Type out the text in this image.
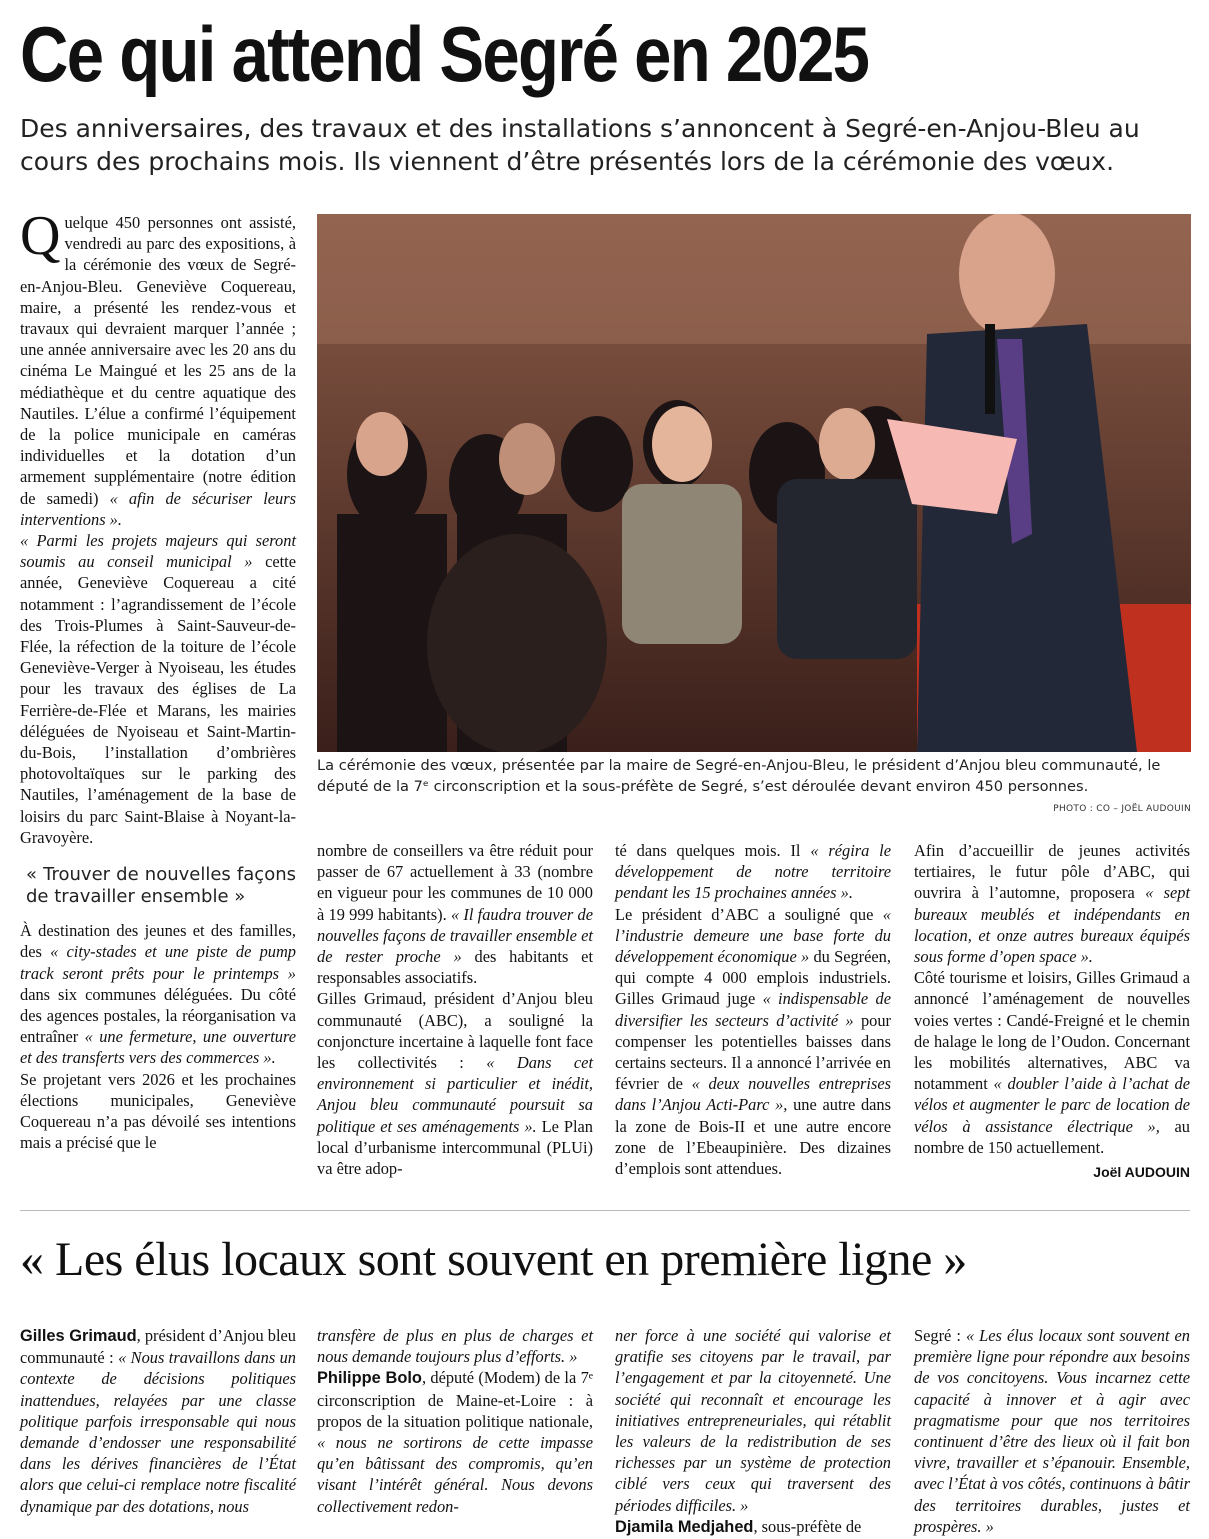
Ce qui attend Segré en 2025
Des anniversaires, des travaux et des installations s’annoncent à Segré-en-Anjou-Bleu au cours des prochains mois. Ils viennent d’être présentés lors de la cérémonie des vœux.

Quelque 450 personnes ont assisté, vendredi au parc des expositions, à la cérémonie des vœux de Segré-en-Anjou-Bleu. Geneviève Coquereau, maire, a présenté les rendez-vous et travaux qui devraient marquer l’année ; une année anniversaire avec les 20 ans du cinéma Le Maingué et les 25 ans de la médiathèque et du centre aquatique des Nautiles. L’élue a confirmé l’équipement de la police municipale en caméras individuelles et la dotation d’un armement supplémentaire (notre édition de samedi) « afin de sécuriser leurs interventions ».

« Parmi les projets majeurs qui seront soumis au conseil municipal » cette année, Geneviève Coquereau a cité notamment : l’agrandissement de l’école des Trois-Plumes à Saint-Sauveur-de-Flée, la réfection de la toiture de l’école Geneviève-Verger à Nyoiseau, les études pour les travaux des églises de La Ferrière-de-Flée et Marans, les mairies déléguées de Nyoiseau et Saint-Martin-du-Bois, l’installation d’ombrières photovoltaïques sur le parking des Nautiles, l’aménagement de la base de loisirs du parc Saint-Blaise à Noyant-la-Gravoyère.

« Trouver de nouvelles façons de travailler ensemble »

À destination des jeunes et des familles, des « city-stades et une piste de pump track seront prêts pour le printemps » dans six communes déléguées. Du côté des agences postales, la réorganisation va entraîner « une fermeture, une ouverture et des transferts vers des commerces ».

Se projetant vers 2026 et les prochaines élections municipales, Geneviève Coquereau n’a pas dévoilé ses intentions mais a précisé que le

La cérémonie des vœux, présentée par la maire de Segré-en-Anjou-Bleu, le président d’Anjou bleu communauté, le député de la 7ᵉ circonscription et la sous-préfète de Segré, s’est déroulée devant environ 450 personnes.
PHOTO : CO – JOËL AUDOUIN

nombre de conseillers va être réduit pour passer de 67 actuellement à 33 (nombre en vigueur pour les communes de 10 000 à 19 999 habitants). « Il faudra trouver de nouvelles façons de travailler ensemble et de rester proche » des habitants et responsables associatifs.

Gilles Grimaud, président d’Anjou bleu communauté (ABC), a souligné la conjoncture incertaine à laquelle font face les collectivités : « Dans cet environnement si particulier et inédit, Anjou bleu communauté poursuit sa politique et ses aménagements ». Le Plan local d’urbanisme intercommunal (PLUi) va être adop-

té dans quelques mois. Il « régira le développement de notre territoire pendant les 15 prochaines années ».

Le président d’ABC a souligné que « l’industrie demeure une base forte du développement économique » du Segréen, qui compte 4 000 emplois industriels. Gilles Grimaud juge « indispensable de diversifier les secteurs d’activité » pour compenser les potentielles baisses dans certains secteurs. Il a annoncé l’arrivée en février de « deux nouvelles entreprises dans l’Anjou Acti-Parc », une autre dans la zone de Bois-II et une autre encore zone de l’Ebeaupinière. Des dizaines d’emplois sont attendues.

Afin d’accueillir de jeunes activités tertiaires, le futur pôle d’ABC, qui ouvrira à l’automne, proposera « sept bureaux meublés et indépendants en location, et onze autres bureaux équipés sous forme d’open space ».

Côté tourisme et loisirs, Gilles Grimaud a annoncé l’aménagement de nouvelles voies vertes : Candé-Freigné et le chemin de halage le long de l’Oudon. Concernant les mobilités alternatives, ABC va notamment « doubler l’aide à l’achat de vélos et augmenter le parc de location de vélos à assistance électrique », au nombre de 150 actuellement.

Joël AUDOUIN
« Les élus locaux sont souvent en première ligne »

Gilles Grimaud, président d’Anjou bleu communauté : « Nous travaillons dans un contexte de décisions politiques inattendues, relayées par une classe politique parfois irresponsable qui nous demande d’endosser une responsabilité dans les dérives financières de l’État alors que celui-ci remplace notre fiscalité dynamique par des dotations, nous

transfère de plus en plus de charges et nous demande toujours plus d’efforts. »

Philippe Bolo, député (Modem) de la 7ᵉ circonscription de Maine-et-Loire : à propos de la situation politique nationale, « nous ne sortirons de cette impasse qu’en bâtissant des compromis, qu’en visant l’intérêt général. Nous devons collectivement redon-

ner force à une société qui valorise et gratifie ses citoyens par le travail, par l’engagement et par la citoyenneté. Une société qui reconnaît et encourage les initiatives entrepreneuriales, qui rétablit les valeurs de la redistribution de ses richesses par un système de protection ciblé vers ceux qui traversent des périodes difficiles. »

Djamila Medjahed, sous-préfète de

Segré : « Les élus locaux sont souvent en première ligne pour répondre aux besoins de vos concitoyens. Vous incarnez cette capacité à innover et à agir avec pragmatisme pour que nos territoires continuent d’être des lieux où il fait bon vivre, travailler et s’épanouir. Ensemble, avec l’État à vos côtés, continuons à bâtir des territoires durables, justes et prospères. »
